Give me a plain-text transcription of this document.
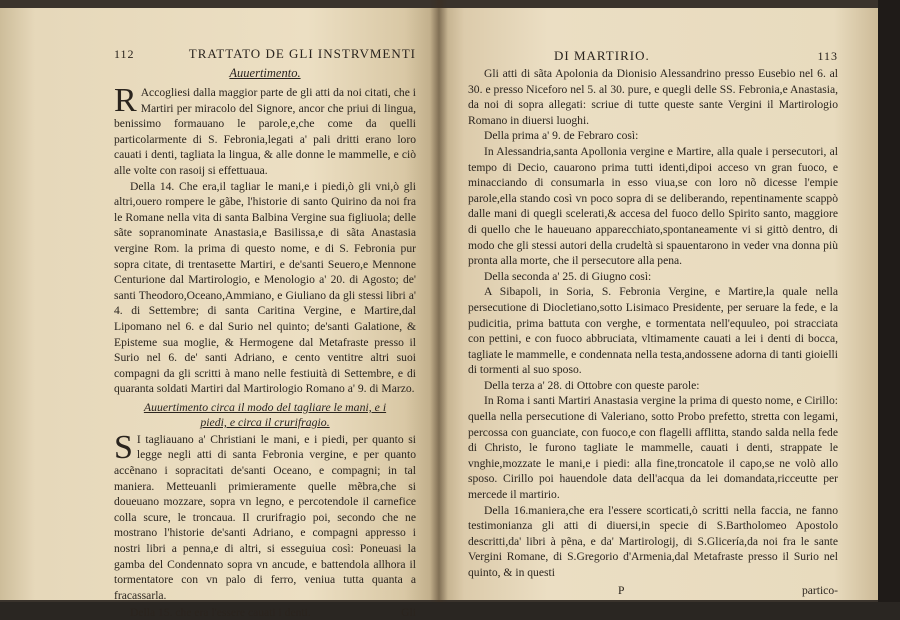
112	TRATTATO DE GLI INSTRVMENTI
Auuertimento.

R Accogliesi dalla maggior parte de gli atti da noi citati, che i Martiri per miracolo del Signore, ancor che priui di lingua, benissimo formauano le parole,e,che come da quelli particolarmente di S. Febronia,legati a' pali dritti erano loro cauati i denti, tagliata la lingua, & alle donne le mammelle, e ciò alle volte con rasoij si effettuaua.

Della 14. Che era,il tagliar le mani,e i piedi,ò gli vni,ò gli altri,ouero rompere le gãbe, l'historie di santo Quirino da noi fra le Romane nella vita di santa Balbina Vergine sua figliuola; delle sãte sopranominate Anastasia,e Basilissa,e di sãta Anastasia vergine Rom. la prima di questo nome, e di S. Febronia pur sopra citate, di trentasette Martiri, e de'santi Seuero,e Mennone Centurione dal Martirologio, e Menologio a' 20. di Agosto; de' santi Theodoro,Oceano,Ammiano, e Giuliano da gli stessi libri a' 4. di Settembre; di santa Caritina Vergine, e Martire,dal Lipomano nel 6. e dal Surio nel quinto; de'santi Galatione, & Episteme sua moglie, & Hermogene dal Metafraste presso il Surio nel 6. de' santi Adriano, e cento ventitre altri suoi compagni da gli scritti à mano nelle festiuità di Settembre, e di quaranta soldati Martiri dal Martirologio Romano a' 9. di Marzo.

Auuertimento circa il modo del tagliare le mani, e i
piedi, e circa il crurifragio.

S I tagliauano a' Christiani le mani, e i piedi, per quanto si legge negli atti di santa Febronia vergine, e per quanto accẽnano i sopracitati de'santi Oceano, e compagni; in tal maniera. Metteuanli primieramente quelle mẽbra,che si doueuano mozzare, sopra vn legno, e percotendole il carnefice colla scure, le troncaua. Il crurifragio poi, secondo che ne mostrano l'historie de'santi Adriano, e compagni appresso i nostri libri a penna,e di altri, si esseguiua così: Poneuasi la gamba del Condennato sopra vn ancude, e battendola allhora il tormentatore con vn palo di ferro, veniua tutta quanta a fracassarla.

Della 15. che era l'essere cauati i denti.	Gli
DI MARTIRIO.	113

Gli atti di sãta Apolonia da Dionisio Alessandrino presso Eusebio nel 6. al 30. e presso Niceforo nel 5. al 30. pure, e quegli delle SS. Febronia,e Anastasia, da noi di sopra allegati: scriue di tutte queste sante Vergini il Martirologio Romano in diuersi luoghi.

Della prima a' 9. de Febraro così:

In Alessandria,santa Apollonia vergine e Martire, alla quale i persecutori, al tempo di Decio, cauarono prima tutti identi,dipoi acceso vn gran fuoco, e minacciando di consumarla in esso viua,se con loro nõ dicesse l'empie parole,ella stando così vn poco sopra di se deliberando, repentinamente scappò dalle mani di quegli scelerati,& accesa del fuoco dello Spirito santo, maggiore di quello che le haueuano apparecchiato,spontaneamente vi si gittò dentro, di modo che gli stessi autori della crudeltà si spauentarono in veder vna donna più pronta alla morte, che il persecutore alla pena.

Della seconda a' 25. di Giugno così:

A Sibapoli, in Soria, S. Febronia Vergine, e Martire,la quale nella persecutione di Diocletiano,sotto Lisimaco Presidente, per seruare la fede, e la pudicitia, prima battuta con verghe, e tormentata nell'equuleo, poi stracciata con pettini, e con fuoco abbruciata, vltimamente cauati a lei i denti di bocca, tagliate le mammelle, e condennata nella testa,andossene adorna di tanti gioielli di tormenti al suo sposo.

Della terza a' 28. di Ottobre con queste parole:

In Roma i santi Martiri Anastasia vergine la prima di questo nome, e Cirillo: quella nella persecutione di Valeriano, sotto Probo prefetto, stretta con legami, percossa con guanciate, con fuoco,e con flagelli afflitta, stando salda nella fede di Christo, le furono tagliate le mammelle, cauati i denti, strappate le vnghie,mozzate le mani,e i piedi: alla fine,troncatole il capo,se ne volò allo sposo. Cirillo poi hauendole data dell'acqua da lei domandata,ricceutte per mercede il martirio.

Della 16.maniera,che era l'essere scorticati,ò scritti nella faccia, ne fanno testimonianza gli atti di diuersi,in specie di S.Bartholomeo Apostolo descritti,da' libri à pẽna, e da' Martirologij, di S.Glicería,da noi fra le sante Vergini Romane, di S.Gregorio d'Armenia,dal Metafraste presso il Surio nel quinto, & in questi

P	partico-
